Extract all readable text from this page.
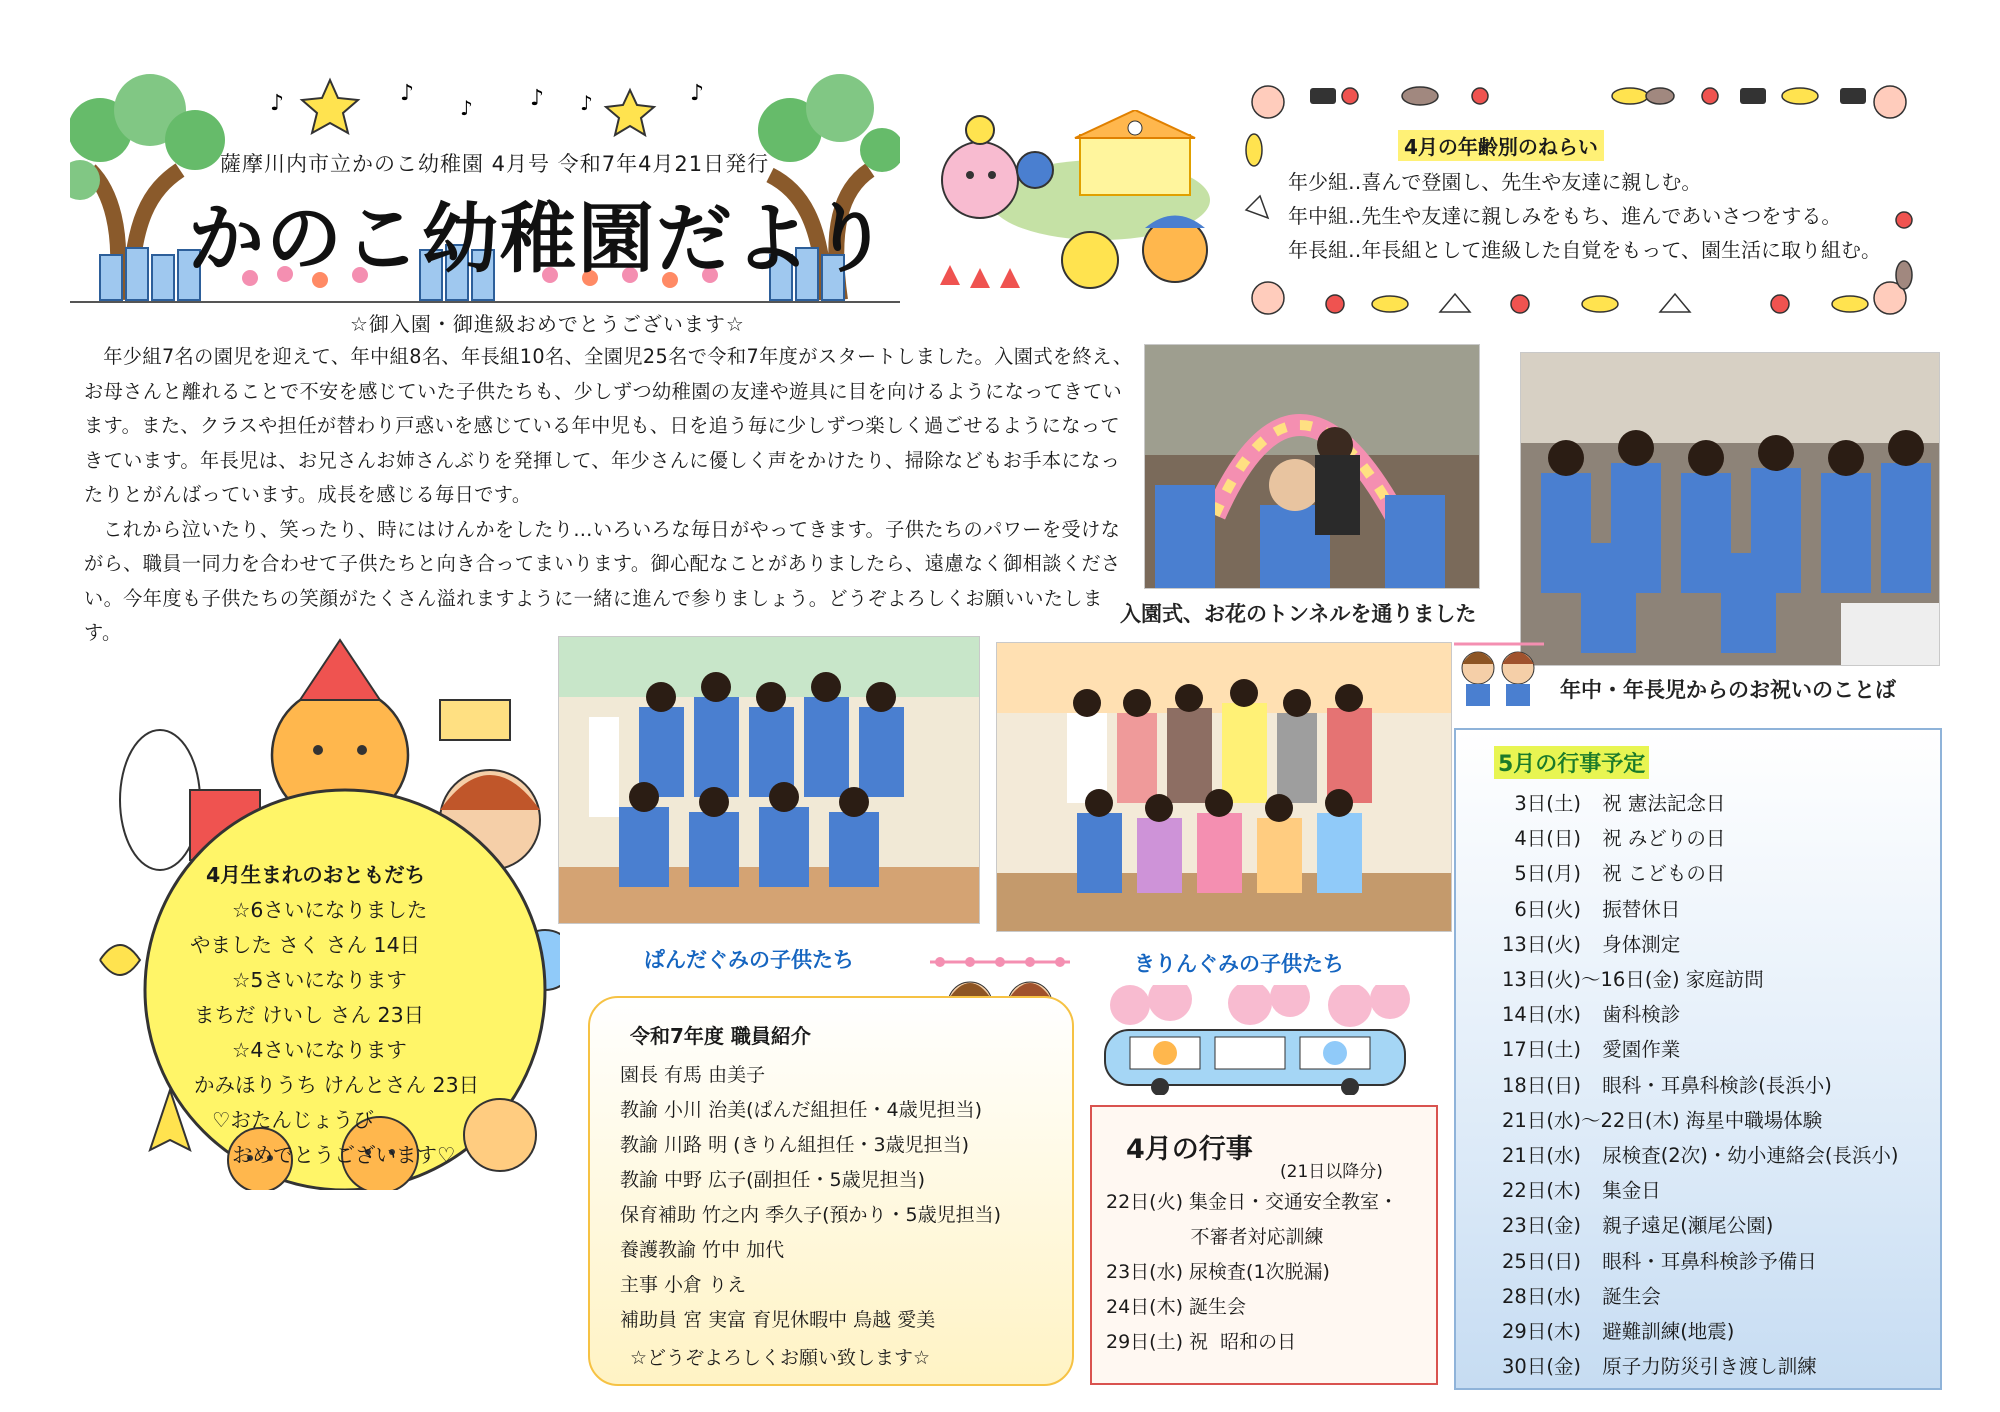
♪	♪
♪	♪ ♪	♪
薩摩川内市立かのこ幼稚園 4月号 令和7年4月21日発行
かのこ幼稚園だより
4月の年齢別のねらい
年少組‥喜んで登園し、先生や友達に親しむ。
年中組‥先生や友達に親しみをもち、進んであいさつをする。
年長組‥年長組として進級した自覚をもって、園生活に取り組む。
☆御入園・御進級おめでとうございます☆

年少組7名の園児を迎えて、年中組8名、年長組10名、全園児25名で令和7年度がスタートしました。入園式を終え、お母さんと離れることで不安を感じていた子供たちも、少しずつ幼稚園の友達や遊具に目を向けるようになってきています。また、クラスや担任が替わり戸惑いを感じている年中児も、日を追う毎に少しずつ楽しく過ごせるようになってきています。年長児は、お兄さんお姉さんぶりを発揮して、年少さんに優しく声をかけたり、掃除などもお手本になったりとがんばっています。成長を感じる毎日です。

これから泣いたり、笑ったり、時にはけんかをしたり…いろいろな毎日がやってきます。子供たちのパワーを受けながら、職員一同力を合わせて子供たちと向き合ってまいります。御心配なことがありましたら、遠慮なく御相談ください。今年度も子供たちの笑顔がたくさん溢れますように一緒に進んで参りましょう。どうぞよろしくお願いいたします。

入園式、お花のトンネルを通りました
年中・年長児からのお祝いのことば
ぱんだぐみの子供たち	きりんぐみの子供たち
4月生まれのおともだち
☆6さいになりました
やました さく さん 14日
☆5さいになります
まちだ けいし さん 23日
☆4さいになります
かみほりうち けんとさん 23日
♡おたんじょうび
おめでとうございます♡
令和7年度 職員紹介
園長 有馬 由美子
教諭 小川 治美(ぱんだ組担任・4歳児担当)
教諭 川路 明 (きりん組担任・3歳児担当)
教諭 中野 広子(副担任・5歳児担当)
保育補助 竹之内 季久子(預かり・5歳児担当)
養護教諭 竹中 加代
主事 小倉 りえ
補助員 宮 実富 育児休暇中 鳥越 愛美
☆どうぞよろしくお願い致します☆
4月の行事
(21日以降分)
22日(火) 集金日・交通安全教室・
不審者対応訓練
23日(水) 尿検査(1次脱漏)
24日(木) 誕生会
29日(土) 祝  昭和の日
5月の行事予定
3日(土) 祝 憲法記念日
4日(日) 祝 みどりの日
5日(月) 祝 こどもの日
6日(火) 振替休日
13日(火) 身体測定
13日(火)～16日(金) 家庭訪問
14日(水) 歯科検診
17日(土) 愛園作業
18日(日) 眼科・耳鼻科検診(長浜小)
21日(水)～22日(木) 海星中職場体験
21日(水) 尿検査(2次)・幼小連絡会(長浜小)
22日(木) 集金日
23日(金) 親子遠足(瀬尾公園)
25日(日) 眼科・耳鼻科検診予備日
28日(水) 誕生会
29日(木) 避難訓練(地震)
30日(金) 原子力防災引き渡し訓練
